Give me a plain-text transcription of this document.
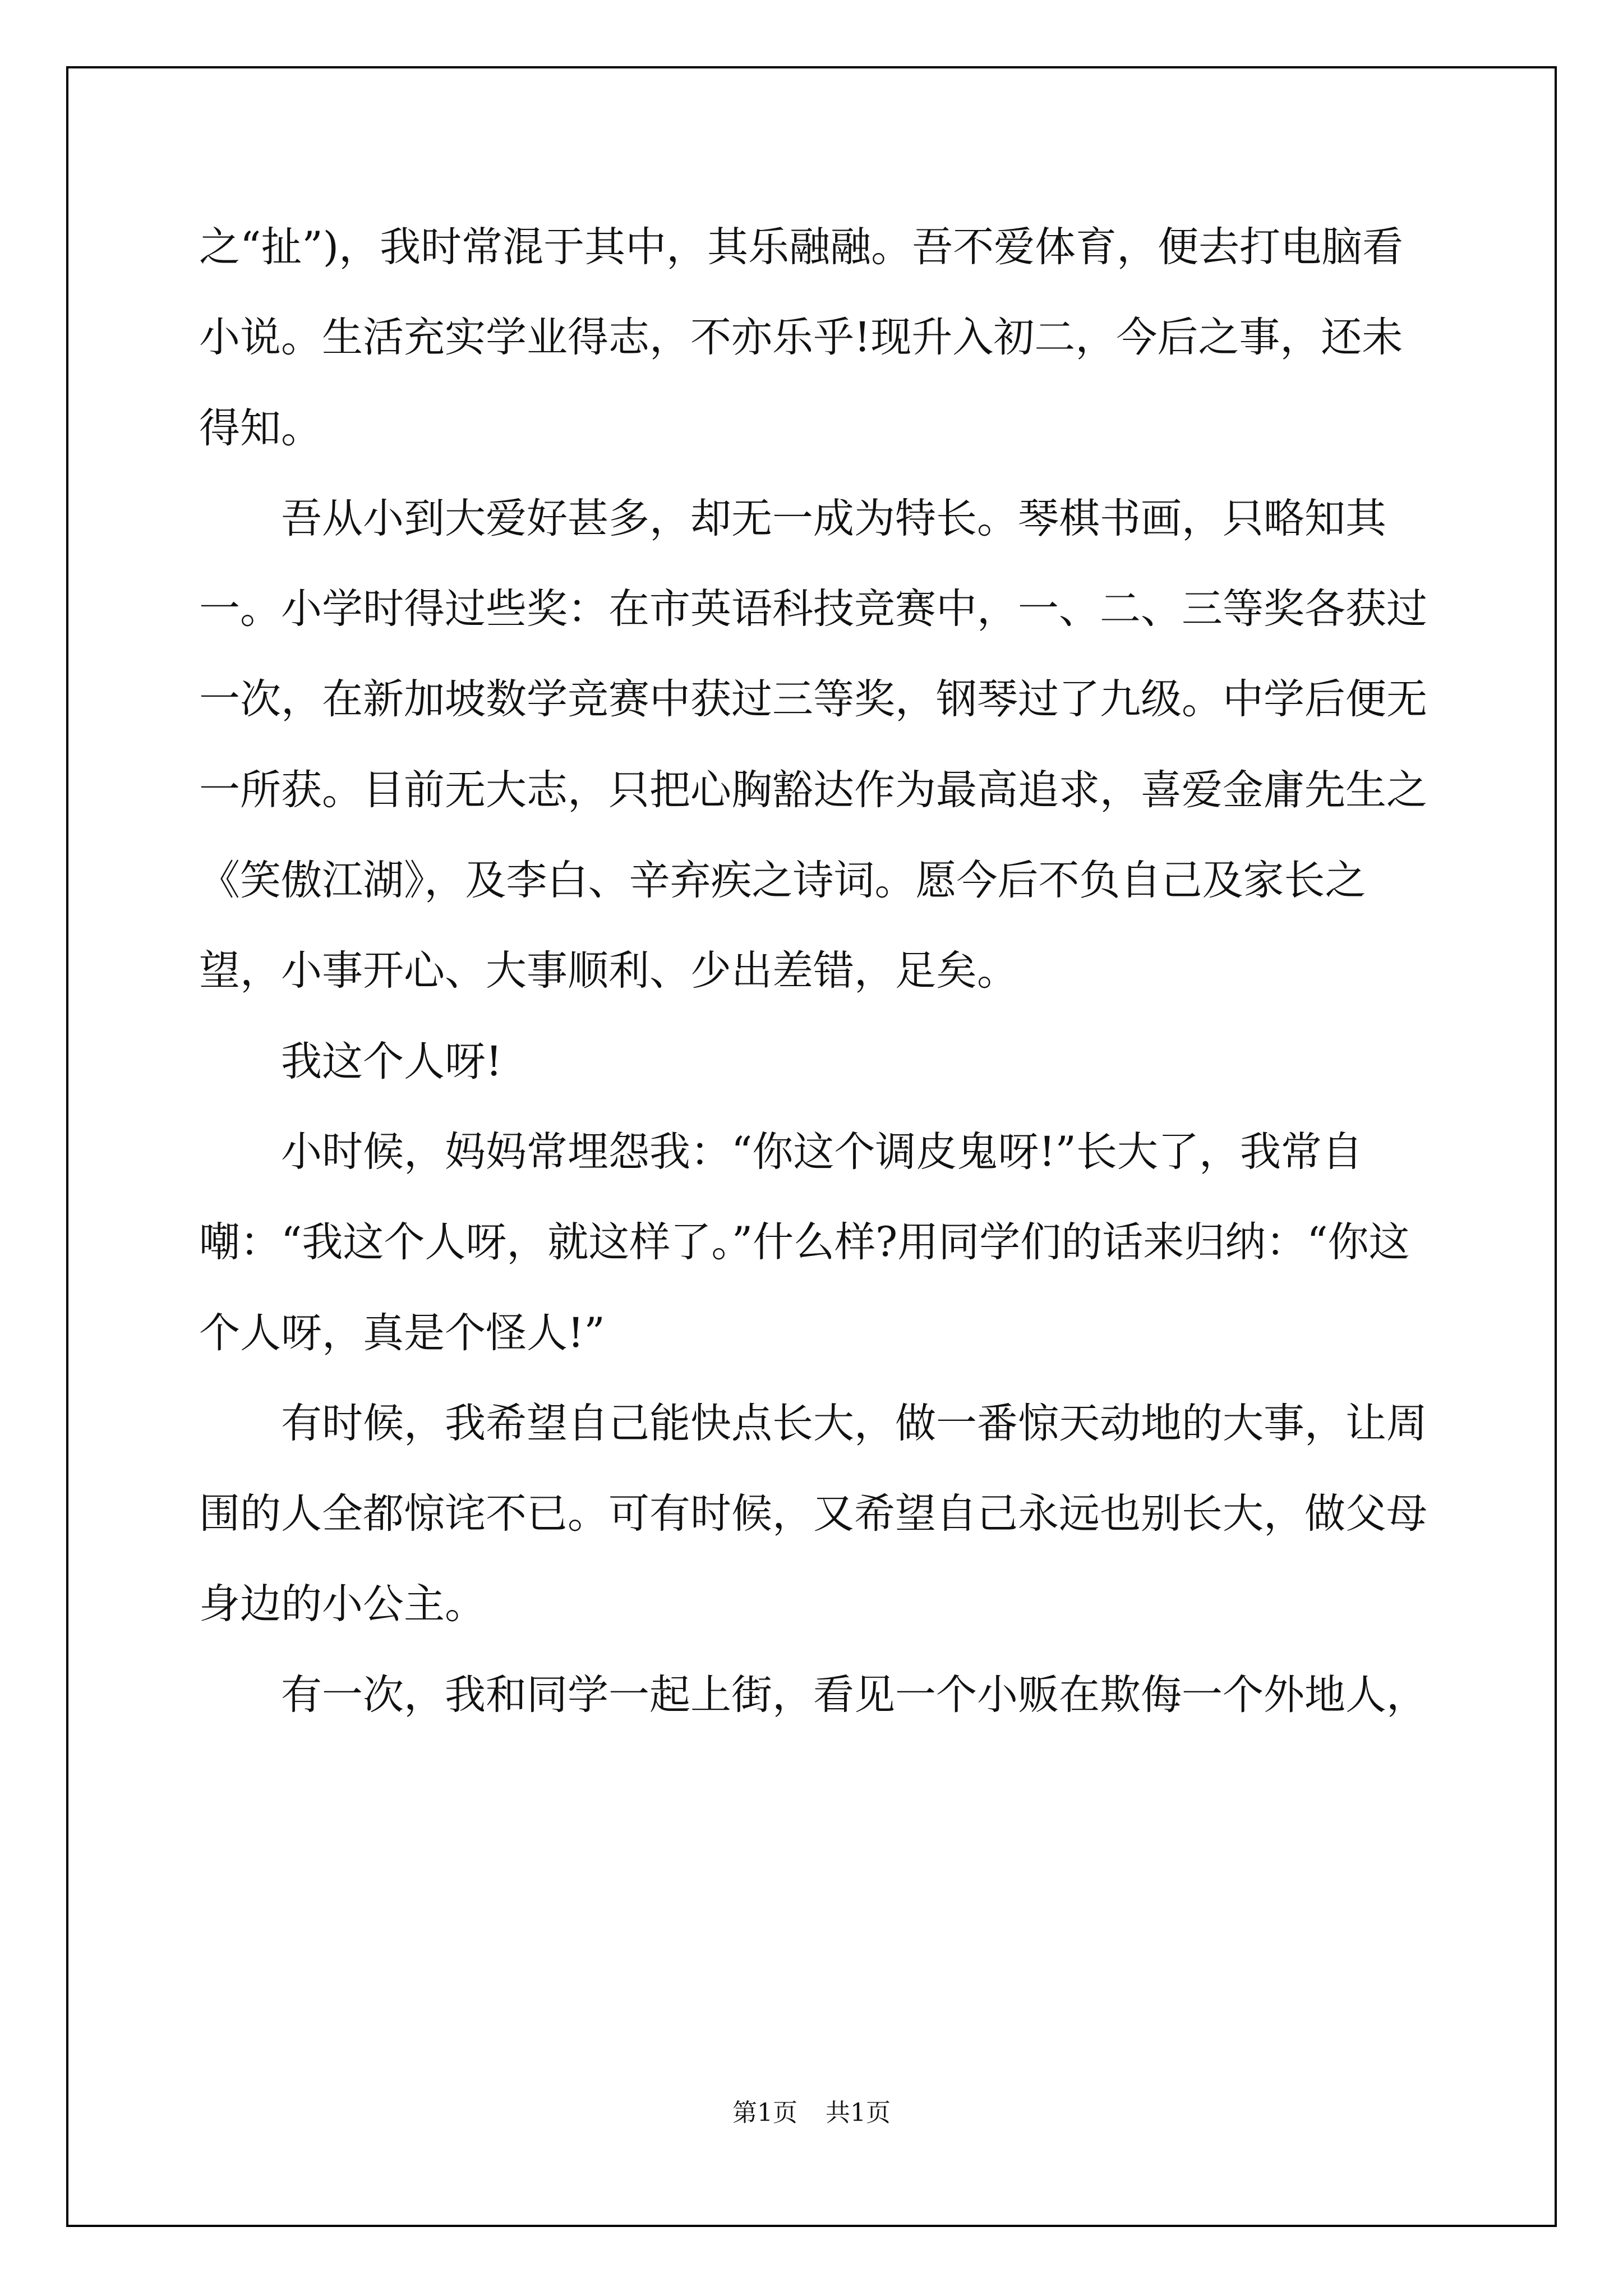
之“扯”)，我时常混于其中，其乐融融。吾不爱体育，便去打电脑看小说。生活充实学业得志，不亦乐乎!现升入初二，今后之事，还未得知。

吾从小到大爱好甚多，却无一成为特长。琴棋书画，只略知其一。小学时得过些奖：在市英语科技竞赛中，一、二、三等奖各获过一次，在新加坡数学竞赛中获过三等奖，钢琴过了九级。中学后便无一所获。目前无大志，只把心胸豁达作为最高追求，喜爱金庸先生之《笑傲江湖》，及李白、辛弃疾之诗词。愿今后不负自己及家长之望，小事开心、大事顺利、少出差错，足矣。

我这个人呀!

小时候，妈妈常埋怨我：“你这个调皮鬼呀!”长大了，我常自嘲：“我这个人呀，就这样了。”什么样?用同学们的话来归纳：“你这个人呀，真是个怪人!”

有时候，我希望自己能快点长大，做一番惊天动地的大事，让周围的人全都惊诧不已。可有时候，又希望自己永远也别长大，做父母身边的小公主。

有一次，我和同学一起上街，看见一个小贩在欺侮一个外地人，

第1页 共1页
